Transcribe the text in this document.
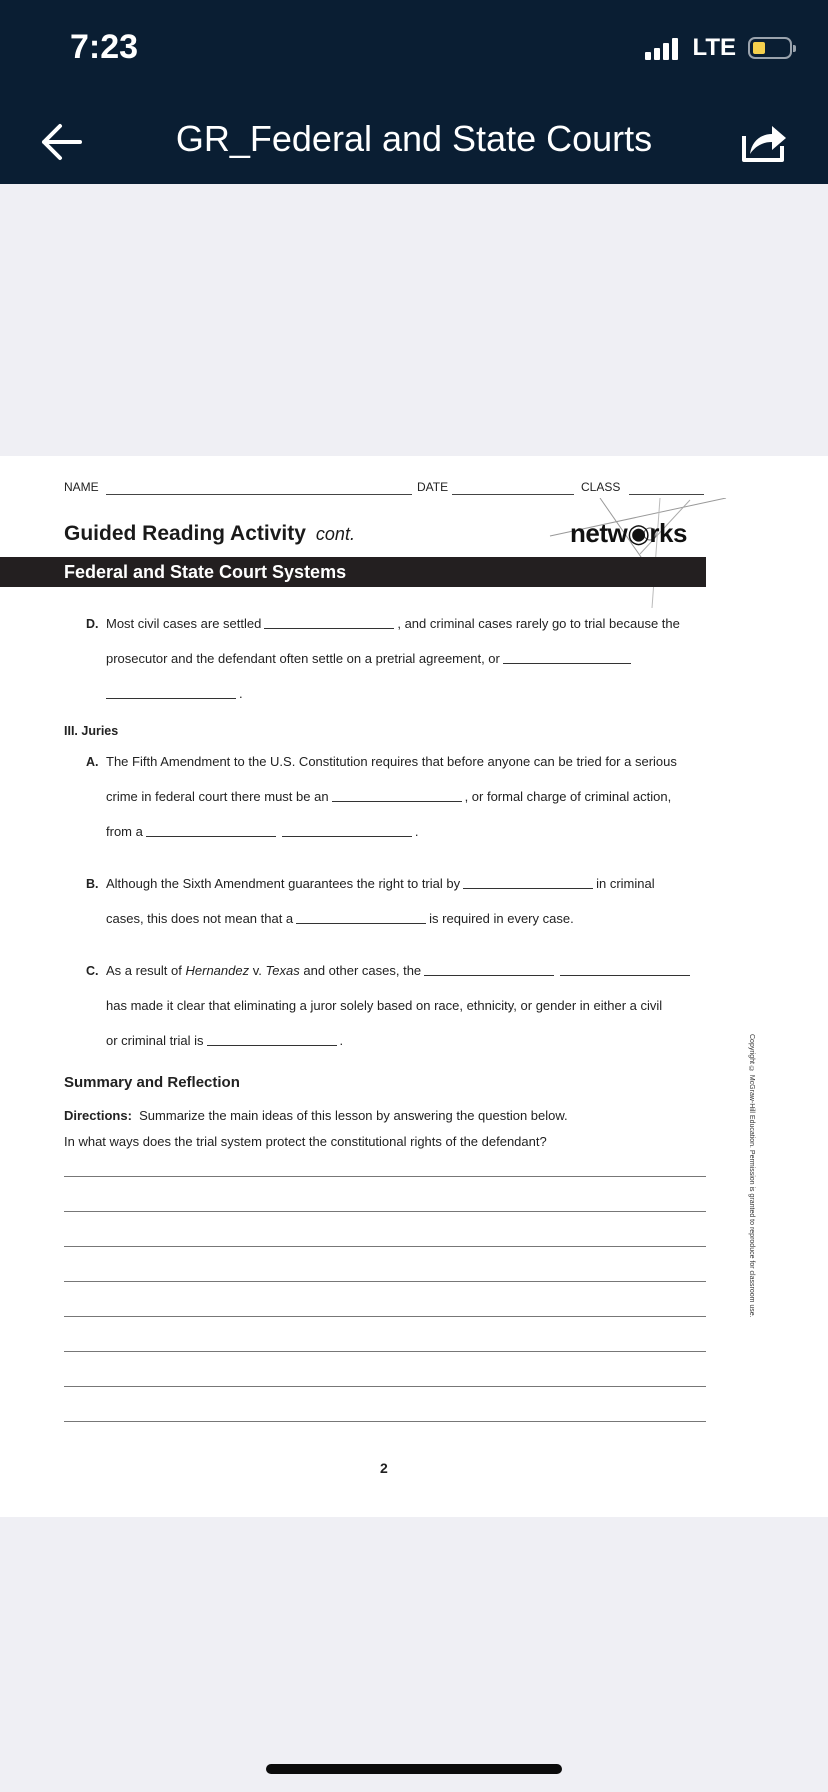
7:23	LTE
GR_Federal and State Courts
NAME	DATE	CLASS
Guided Reading Activity cont.	netw◉rks
Federal and State Court Systems
D. Most civil cases are settled	, and criminal cases rarely go to trial because the
prosecutor and the defendant often settle on a pretrial agreement, or
.
III. Juries
A. The Fifth Amendment to the U.S. Constitution requires that before anyone can be tried for a serious
crime in federal court there must be an	, or formal charge of criminal action,
from a	.
B. Although the Sixth Amendment guarantees the right to trial by	in criminal
cases, this does not mean that a	is required in every case.
C. As a result of Hernandez v. Texas and other cases, the
has made it clear that eliminating a juror solely based on race, ethnicity, or gender in either a civil
or criminal trial is	.
Summary and Reflection
Directions: Summarize the main ideas of this lesson by answering the question below.
In what ways does the trial system protect the constitutional rights of the defendant?
2
Copyright © McGraw-Hill Education. Permission is granted to reproduce for classroom use.
